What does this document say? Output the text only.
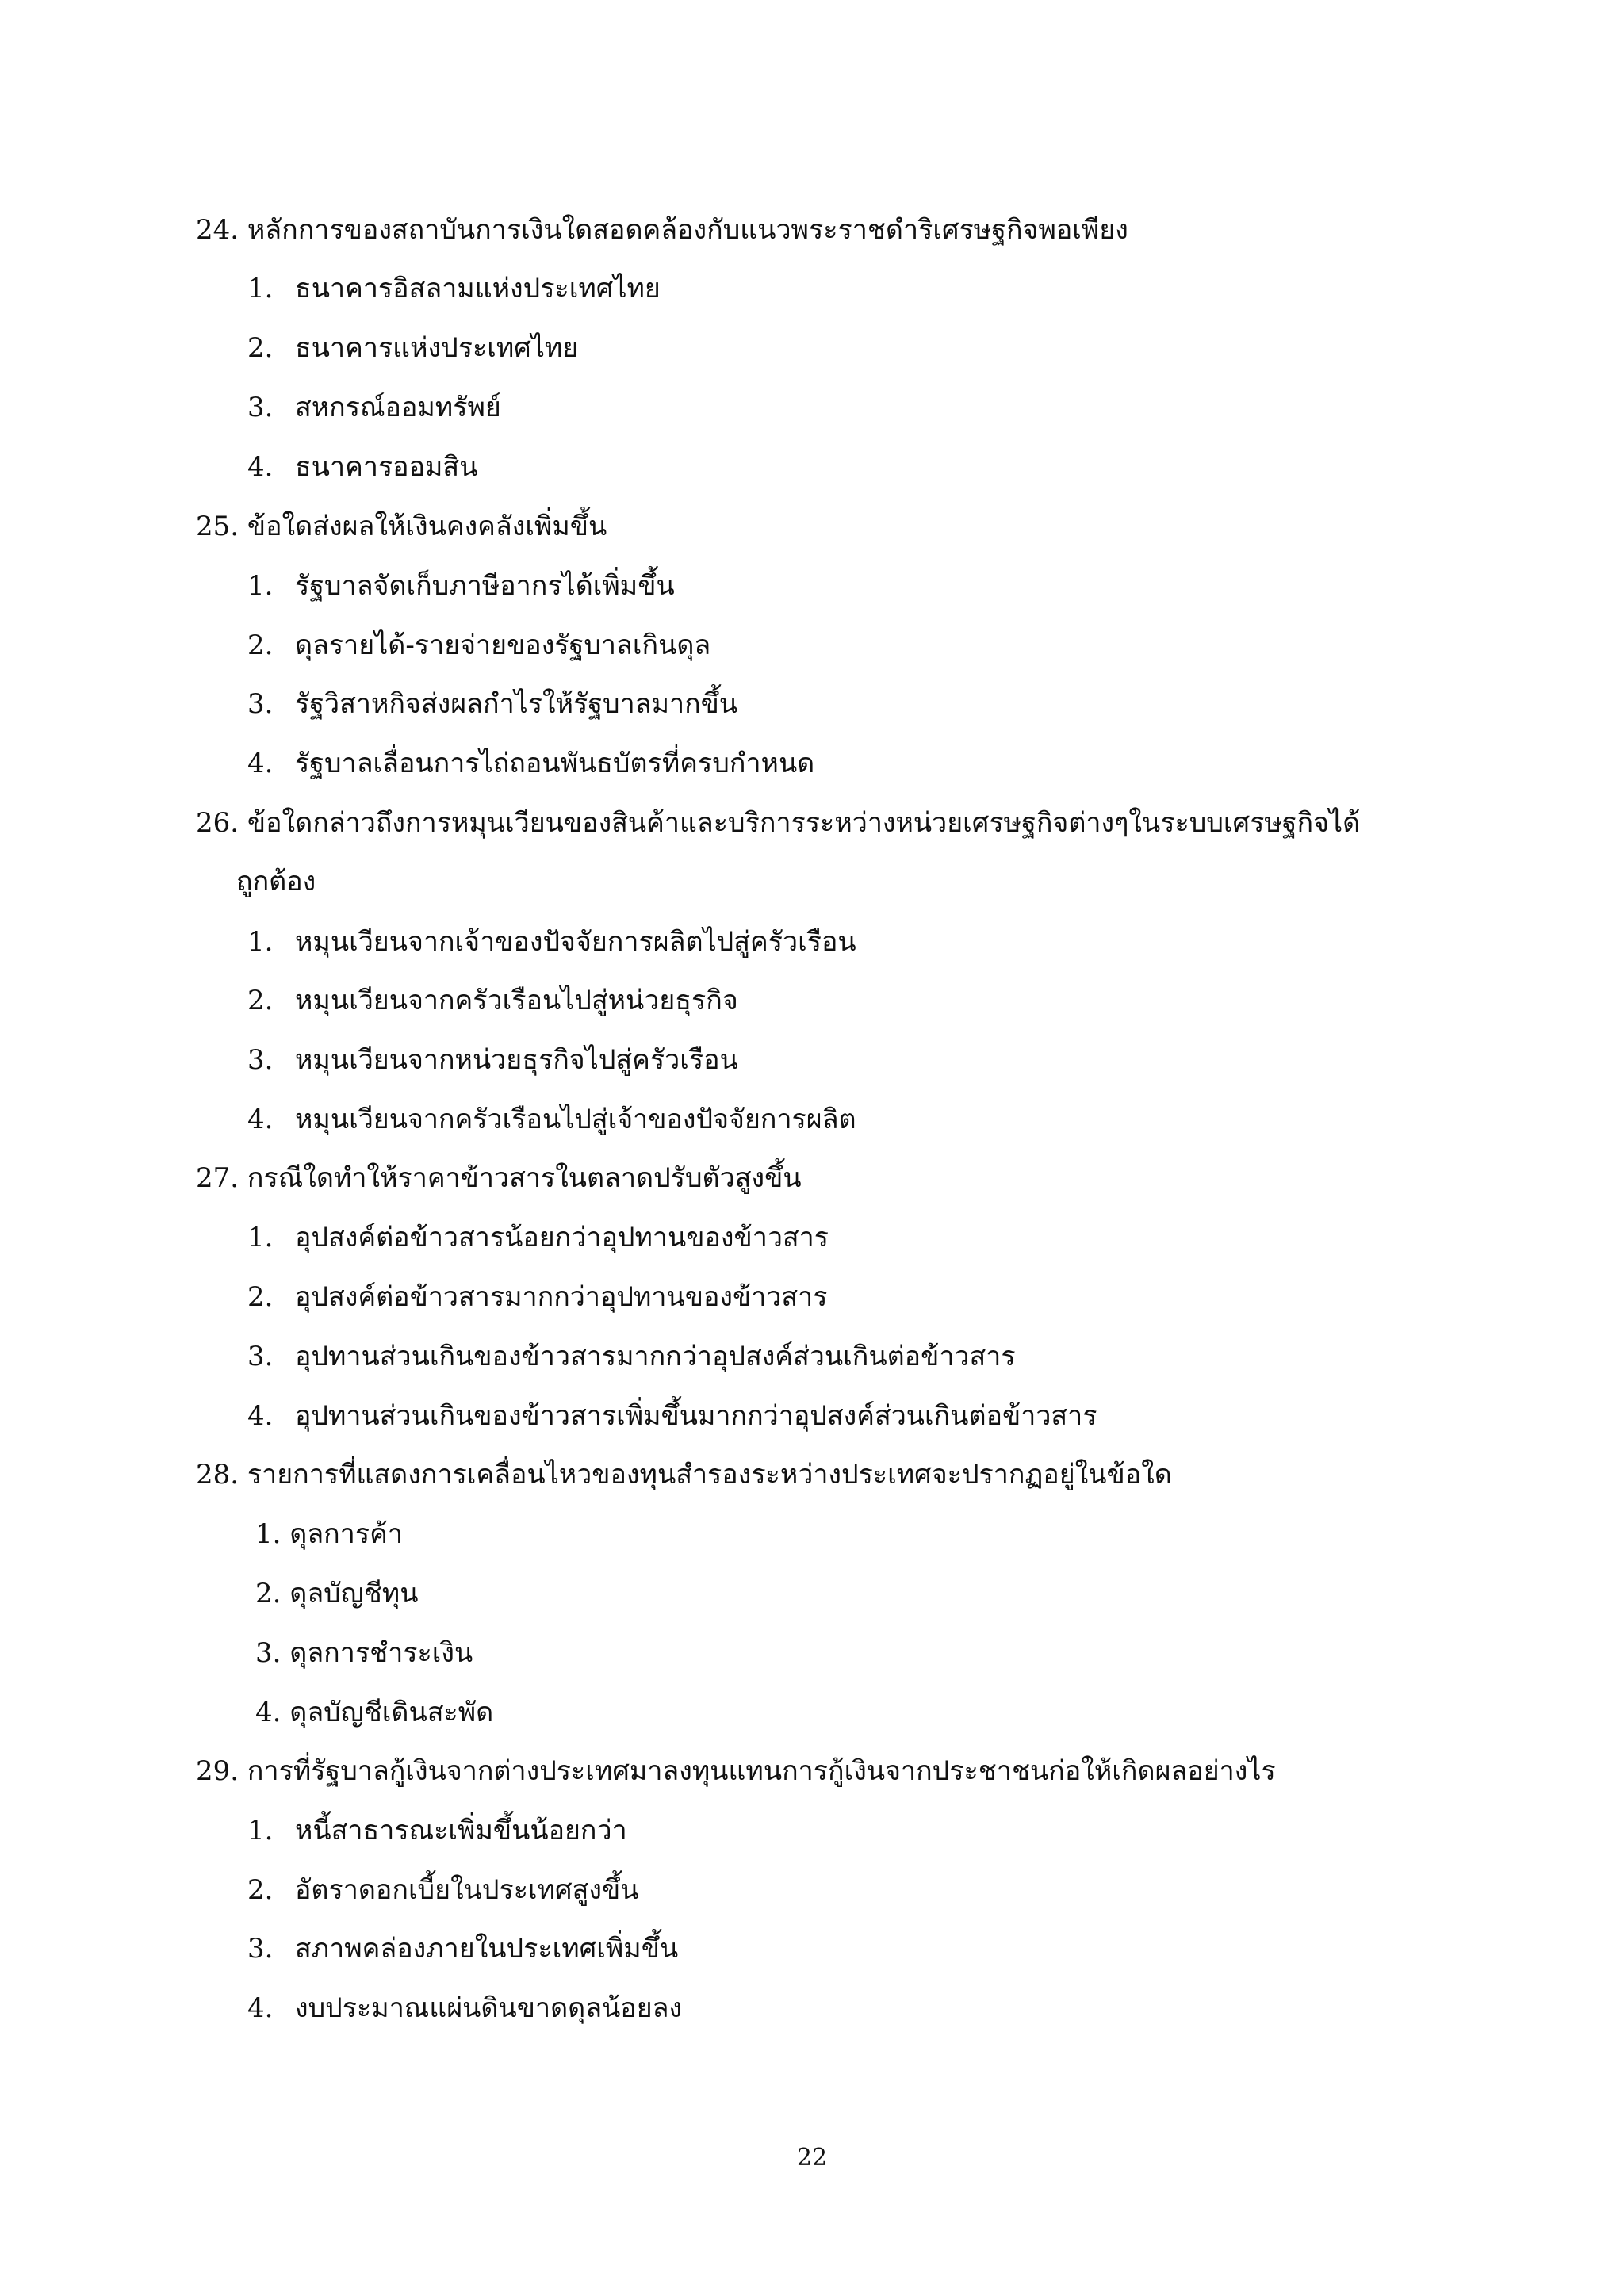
24. หลักการของสถาบันการเงินใดสอดคล้องกับแนวพระราชดำริเศรษฐกิจพอเพียง
1. ธนาคารอิสลามแห่งประเทศไทย
2. ธนาคารแห่งประเทศไทย
3. สหกรณ์ออมทรัพย์
4. ธนาคารออมสิน
25. ข้อใดส่งผลให้เงินคงคลังเพิ่มขึ้น
1. รัฐบาลจัดเก็บภาษีอากรได้เพิ่มขึ้น
2. ดุลรายได้-รายจ่ายของรัฐบาลเกินดุล
3. รัฐวิสาหกิจส่งผลกำไรให้รัฐบาลมากขึ้น
4. รัฐบาลเลื่อนการไถ่ถอนพันธบัตรที่ครบกำหนด
26. ข้อใดกล่าวถึงการหมุนเวียนของสินค้าและบริการระหว่างหน่วยเศรษฐกิจต่างๆในระบบเศรษฐกิจได้
ถูกต้อง
1. หมุนเวียนจากเจ้าของปัจจัยการผลิตไปสู่ครัวเรือน
2. หมุนเวียนจากครัวเรือนไปสู่หน่วยธุรกิจ
3. หมุนเวียนจากหน่วยธุรกิจไปสู่ครัวเรือน
4. หมุนเวียนจากครัวเรือนไปสู่เจ้าของปัจจัยการผลิต
27. กรณีใดทำให้ราคาข้าวสารในตลาดปรับตัวสูงขึ้น
1. อุปสงค์ต่อข้าวสารน้อยกว่าอุปทานของข้าวสาร
2. อุปสงค์ต่อข้าวสารมากกว่าอุปทานของข้าวสาร
3. อุปทานส่วนเกินของข้าวสารมากกว่าอุปสงค์ส่วนเกินต่อข้าวสาร
4. อุปทานส่วนเกินของข้าวสารเพิ่มขึ้นมากกว่าอุปสงค์ส่วนเกินต่อข้าวสาร
28. รายการที่แสดงการเคลื่อนไหวของทุนสำรองระหว่างประเทศจะปรากฏอยู่ในข้อใด
1. ดุลการค้า
2. ดุลบัญชีทุน
3. ดุลการชำระเงิน
4. ดุลบัญชีเดินสะพัด
29. การที่รัฐบาลกู้เงินจากต่างประเทศมาลงทุนแทนการกู้เงินจากประชาชนก่อให้เกิดผลอย่างไร
1. หนี้สาธารณะเพิ่มขึ้นน้อยกว่า
2. อัตราดอกเบี้ยในประเทศสูงขึ้น
3. สภาพคล่องภายในประเทศเพิ่มขึ้น
4. งบประมาณแผ่นดินขาดดุลน้อยลง
22
